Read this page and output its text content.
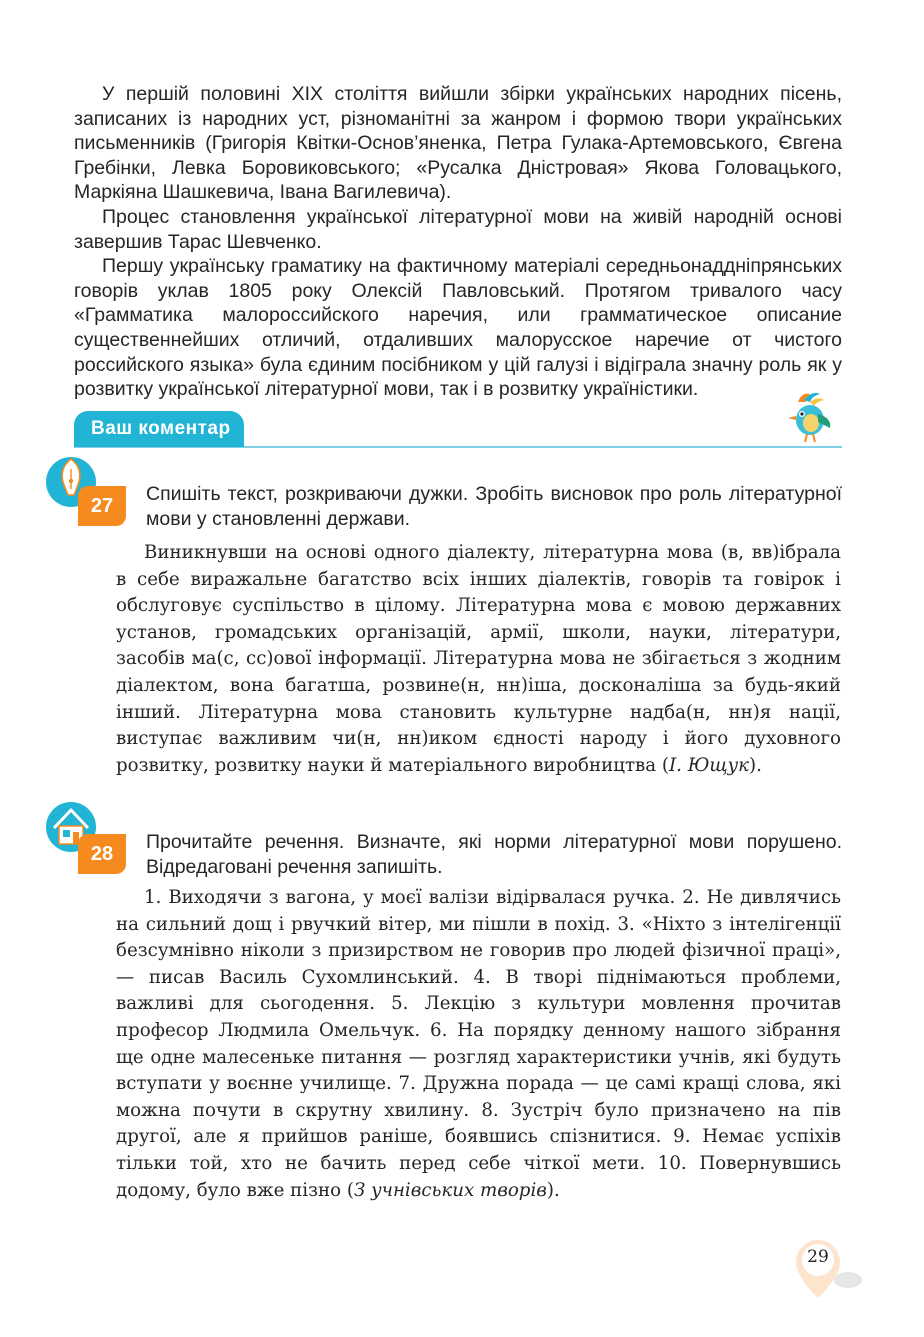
У першій половині XIX століття вийшли збірки українських народних пісень, записаних із народних уст, різноманітні за жанром і формою твори українських письменників (Григорія Квітки-Основ’яненка, Петра Гулака-Артемовського, Євгена Гребінки, Левка Боровиковського; «Русалка Дністровая» Якова Головацького, Маркіяна Шашкевича, Івана Вагилевича).

Процес становлення української літературної мови на живій народній основі завершив Тарас Шевченко.

Першу українську граматику на фактичному матеріалі середньонаддніпрянських говорів уклав 1805 року Олексій Павловський. Протягом тривалого часу «Грамматика малороссийского наречия, или грамматическое описание существеннейших отличий, отдаливших малорусское наречие от чистого российского языка» була єдиним посібником у цій галузі і відіграла значну роль як у розвитку української літературної мови, так і в розвитку україністики.

Ваш коментар
27

Спишіть текст, розкриваючи дужки. Зробіть висновок про роль літературної мови у становленні держави.

Виникнувши на основі одного діалекту, літературна мова (в, вв)ібрала в себе виражальне багатство всіх інших діалектів, говорів та говірок і обслуговує суспільство в цілому. Літературна мова є мовою державних установ, громадських організацій, армії, школи, науки, літератури, засобів ма(с, сс)ової інформації. Літературна мова не збігається з жодним діалектом, вона багатша, розвине(н, нн)іша, досконаліша за будь-який інший. Літературна мова становить культурне надба(н, нн)я нації, виступає важливим чи(н, нн)иком єдності народу і його духовного розвитку, розвитку науки й матеріального виробництва (І. Ющук).

28

Прочитайте речення. Визначте, які норми літературної мови порушено. Відредаговані речення запишіть.

1. Виходячи з вагона, у моєї валізи відірвалася ручка. 2. Не дивлячись на сильний дощ і рвучкий вітер, ми пішли в похід. 3. «Ніхто з інтелігенції безсумнівно ніколи з призирством не говорив про людей фізичної праці», — писав Василь Сухомлинський. 4. В творі піднімаються проблеми, важливі для сьогодення. 5. Лекцію з культури мовлення прочитав професор Людмила Омельчук. 6. На порядку денному нашого зібрання ще одне малесеньке питання — розгляд характеристики учнів, які будуть вступати у воєнне училище. 7. Дружна порада — це самі кращі слова, які можна почути в скрутну хвилину. 8. Зустріч було призначено на пів другої, але я прийшов раніше, боявшись спізнитися. 9. Немає успіхів тільки той, хто не бачить перед себе чіткої мети. 10. Повернувшись додому, було вже пізно (З учнівських творів).

29
